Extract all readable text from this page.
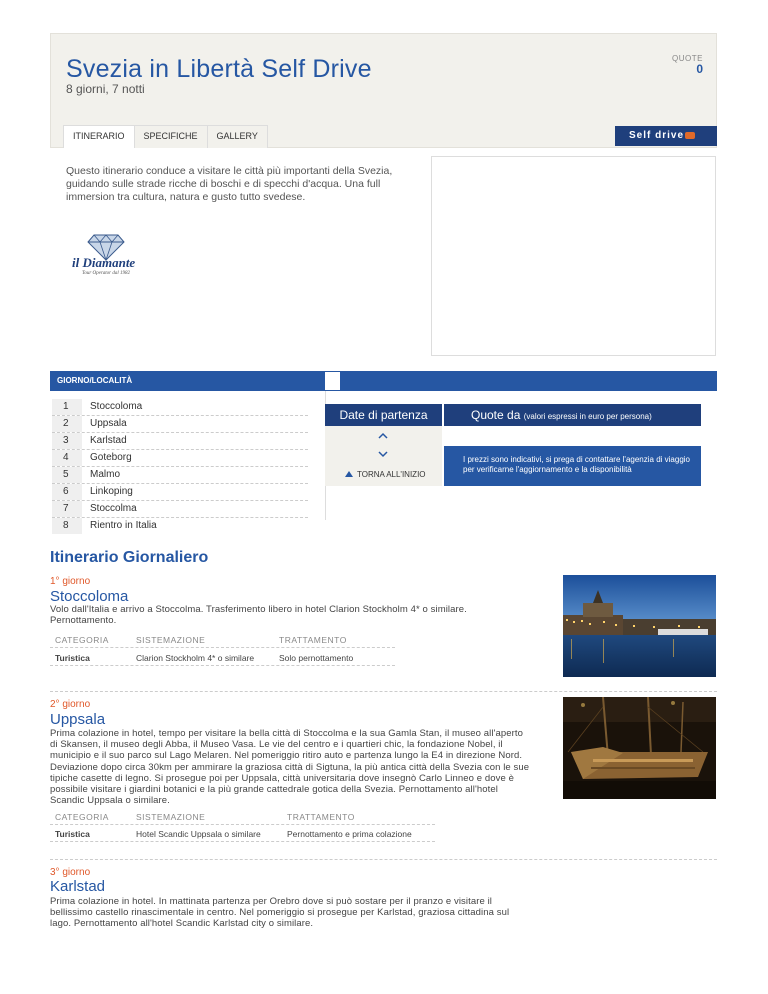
Svezia in Libertà Self Drive
8 giorni, 7 notti
QUOTE
0
ITINERARIO	SPECIFICHE	GALLERY	Self drive

Questo itinerario conduce a visitare le città più importanti della Svezia, guidando sulle strade ricche di boschi e di specchi d'acqua. Una full immersion tra cultura, natura e gusto tutto svedese.

il Diamante
Tour Operator dal 1982
GIORNO/LOCALITÀ
1	Stoccoloma
2	Uppsala
3	Karlstad
4	Goteborg
5	Malmo
6	Linkoping
7	Stoccolma
8	Rientro in Italia
Date di partenza	Quote da (valori espressi in euro per persona)
TORNA ALL'INIZIO
I prezzi sono indicativi, si prega di contattare l'agenzia di viaggio per verificarne l'aggiornamento e la disponibilità
Itinerario Giornaliero
1° giorno
Stoccoloma

Volo dall'Italia e arrivo a Stoccolma. Trasferimento libero in hotel Clarion Stockholm 4* o similare. Pernottamento.

CATEGORIA	SISTEMAZIONE	TRATTAMENTO
Turistica	Clarion Stockholm 4* o similare	Solo pernottamento
2° giorno
Uppsala

Prima colazione in hotel, tempo per visitare la bella città di Stoccolma e la sua Gamla Stan, il museo all'aperto di Skansen, il museo degli Abba, il Museo Vasa. Le vie del centro e i quartieri chic, la fondazione Nobel, il municipio e il suo parco sul Lago Melaren. Nel pomeriggio ritiro auto e partenza lungo la E4 in direzione Nord. Deviazione dopo circa 30km per ammirare la graziosa città di Sigtuna, la più antica città della Svezia con le sue tipiche casette di legno. Si prosegue poi per Uppsala, città universitaria dove insegnò Carlo Linneo e dove è possibile visitare i giardini botanici e la più grande cattedrale gotica della Svezia. Pernottamento all'hotel Scandic Uppsala o similare.

CATEGORIA	SISTEMAZIONE	TRATTAMENTO
Turistica	Hotel Scandic Uppsala o similare	Pernottamento e prima colazione
3° giorno
Karlstad

Prima colazione in hotel. In mattinata partenza per Orebro dove si può sostare per il pranzo e visitare il bellissimo castello rinascimentale in centro. Nel pomeriggio si prosegue per Karlstad, graziosa cittadina sul lago. Pernottamento all'hotel Scandic Karlstad city o similare.
